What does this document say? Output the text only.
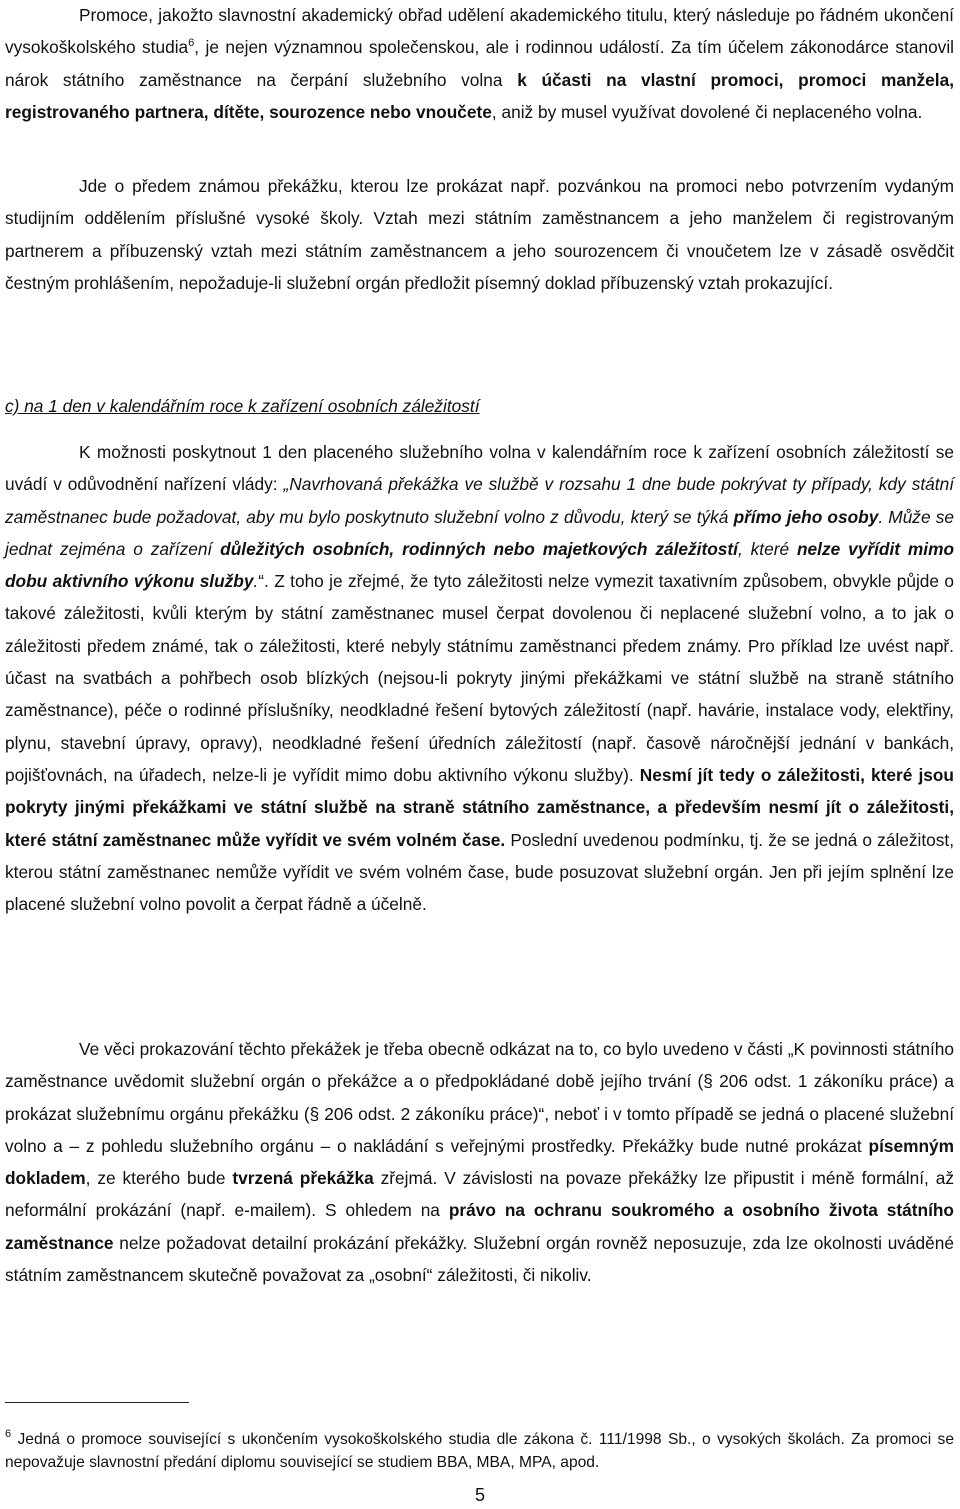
Promoce, jakožto slavnostní akademický obřad udělení akademického titulu, který následuje po řádném ukončení vysokoškolského studia$^6$, je nejen významnou společenskou, ale i rodinnou událostí. Za tím účelem zákonodárce stanovil nárok státního zaměstnance na čerpání služebního volna k účasti na vlastní promoci, promoci manžela, registrovaného partnera, dítěte, sourozence nebo vnoučete, aniž by musel využívat dovolené či neplaceného volna.

Jde o předem známou překážku, kterou lze prokázat např. pozvánkou na promoci nebo potvrzením vydaným studijním oddělením příslušné vysoké školy. Vztah mezi státním zaměstnancem a jeho manželem či registrovaným partnerem a příbuzenský vztah mezi státním zaměstnancem a jeho sourozencem či vnoučetem lze v zásadě osvědčit čestným prohlášením, nepožaduje-li služební orgán předložit písemný doklad příbuzenský vztah prokazující.

c) na 1 den v kalendářním roce k zařízení osobních záležitostí

K možnosti poskytnout 1 den placeného služebního volna v kalendářním roce k zařízení osobních záležitostí se uvádí v odůvodnění nařízení vlády: „Navrhovaná překážka ve službě v rozsahu 1 dne bude pokrývat ty případy, kdy státní zaměstnanec bude požadovat, aby mu bylo poskytnuto služební volno z důvodu, který se týká přímo jeho osoby. Může se jednat zejména o zařízení důležitých osobních, rodinných nebo majetkových záležitostí, které nelze vyřídit mimo dobu aktivního výkonu služby.“. Z toho je zřejmé, že tyto záležitosti nelze vymezit taxativním způsobem, obvykle půjde o takové záležitosti, kvůli kterým by státní zaměstnanec musel čerpat dovolenou či neplacené služební volno, a to jak o záležitosti předem známé, tak o záležitosti, které nebyly státnímu zaměstnanci předem známy. Pro příklad lze uvést např. účast na svatbách a pohřbech osob blízkých (nejsou-li pokryty jinými překážkami ve státní službě na straně státního zaměstnance), péče o rodinné příslušníky, neodkladné řešení bytových záležitostí (např. havárie, instalace vody, elektřiny, plynu, stavební úpravy, opravy), neodkladné řešení úředních záležitostí (např. časově náročnější jednání v bankách, pojišťovnách, na úřadech, nelze-li je vyřídit mimo dobu aktivního výkonu služby). Nesmí jít tedy o záležitosti, které jsou pokryty jinými překážkami ve státní službě na straně státního zaměstnance, a především nesmí jít o záležitosti, které státní zaměstnanec může vyřídit ve svém volném čase. Poslední uvedenou podmínku, tj. že se jedná o záležitost, kterou státní zaměstnanec nemůže vyřídit ve svém volném čase, bude posuzovat služební orgán. Jen při jejím splnění lze placené služební volno povolit a čerpat řádně a účelně.

Ve věci prokazování těchto překážek je třeba obecně odkázat na to, co bylo uvedeno v části „K povinnosti státního zaměstnance uvědomit služební orgán o překážce a o předpokládané době jejího trvání (§ 206 odst. 1 zákoníku práce) a prokázat služebnímu orgánu překážku (§ 206 odst. 2 zákoníku práce)“, neboť i v tomto případě se jedná o placené služební volno a – z pohledu služebního orgánu – o nakládání s veřejnými prostředky. Překážky bude nutné prokázat písemným dokladem, ze kterého bude tvrzená překážka zřejmá. V závislosti na povaze překážky lze připustit i méně formální, až neformální prokázání (např. e-mailem). S ohledem na právo na ochranu soukromého a osobního života státního zaměstnance nelze požadovat detailní prokázání překážky. Služební orgán rovněž neposuzuje, zda lze okolnosti uváděné státním zaměstnancem skutečně považovat za „osobní“ záležitosti, či nikoliv.

$^6$ Jedná o promoce související s ukončením vysokoškolského studia dle zákona č. 111/1998 Sb., o vysokých školách. Za promoci se nepovažuje slavnostní předání diplomu související se studiem BBA, MBA, MPA, apod.

5
